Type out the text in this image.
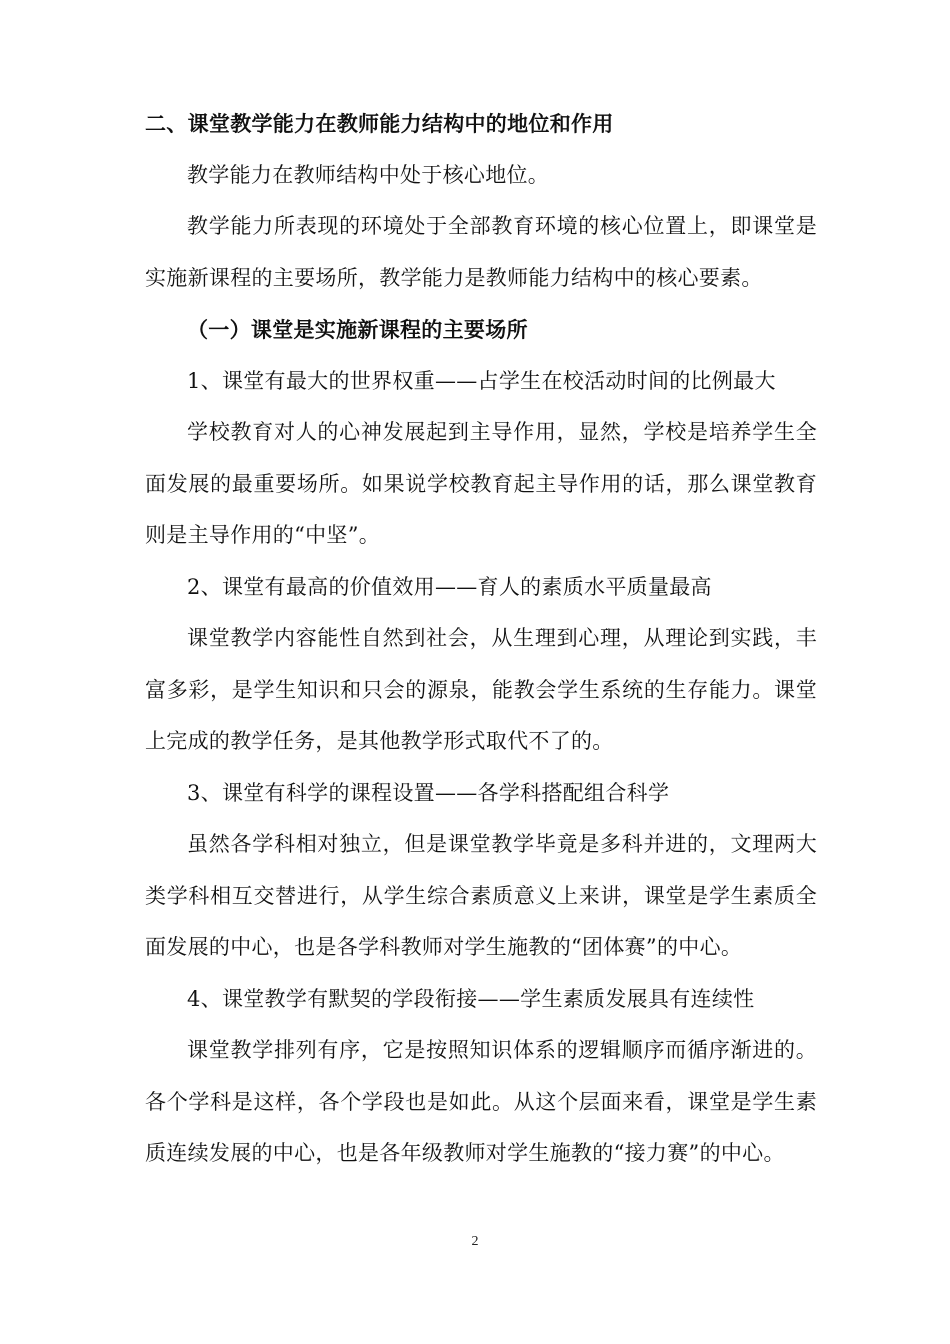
二、课堂教学能力在教师能力结构中的地位和作用

教学能力在教师结构中处于核心地位。

教学能力所表现的环境处于全部教育环境的核心位置上，即课堂是实施新课程的主要场所，教学能力是教师能力结构中的核心要素。

（一）课堂是实施新课程的主要场所

1、课堂有最大的世界权重——占学生在校活动时间的比例最大

学校教育对人的心神发展起到主导作用，显然，学校是培养学生全面发展的最重要场所。如果说学校教育起主导作用的话，那么课堂教育则是主导作用的“中坚”。

2、课堂有最高的价值效用——育人的素质水平质量最高

课堂教学内容能性自然到社会，从生理到心理，从理论到实践，丰富多彩，是学生知识和只会的源泉，能教会学生系统的生存能力。课堂上完成的教学任务，是其他教学形式取代不了的。

3、课堂有科学的课程设置——各学科搭配组合科学

虽然各学科相对独立，但是课堂教学毕竟是多科并进的，文理两大类学科相互交替进行，从学生综合素质意义上来讲，课堂是学生素质全面发展的中心，也是各学科教师对学生施教的“团体赛”的中心。

4、课堂教学有默契的学段衔接——学生素质发展具有连续性

课堂教学排列有序，它是按照知识体系的逻辑顺序而循序渐进的。各个学科是这样，各个学段也是如此。从这个层面来看，课堂是学生素质连续发展的中心，也是各年级教师对学生施教的“接力赛”的中心。

2
